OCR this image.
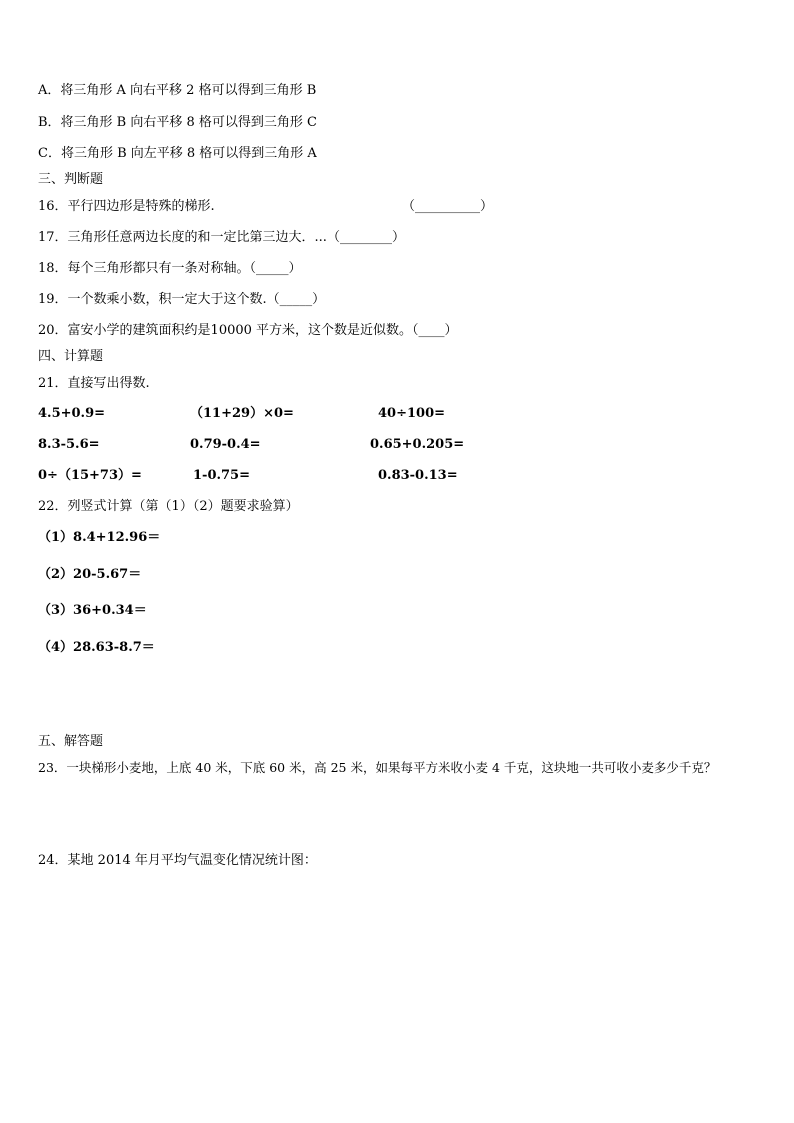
A．将三角形 A 向右平移 2 格可以得到三角形 B
B．将三角形 B 向右平移 8 格可以得到三角形 C
C．将三角形 B 向左平移 8 格可以得到三角形 A
三、判断题
16．平行四边形是特殊的梯形.	（__________）
17．三角形任意两边长度的和一定比第三边大．...（________）
18．每个三角形都只有一条对称轴。（_____）
19．一个数乘小数，积一定大于这个数.（_____）
20．富安小学的建筑面积约是10000 平方米，这个数是近似数。（____）
四、计算题
21．直接写出得数.
4.5+0.9=	（11+29）×0=	40÷100=
8.3-5.6=	0.79-0.4=	0.65+0.205=
0÷（15+73）=	1-0.75=	0.83-0.13=
22．列竖式计算（第（1）（2）题要求验算）
（1）8.4+12.96＝
（2）20-5.67＝
（3）36+0.34＝
（4）28.63-8.7＝
五、解答题
23．一块梯形小麦地，上底 40 米，下底 60 米，高 25 米，如果每平方米收小麦 4 千克，这块地一共可收小麦多少千克？
24．某地 2014 年月平均气温变化情况统计图：
